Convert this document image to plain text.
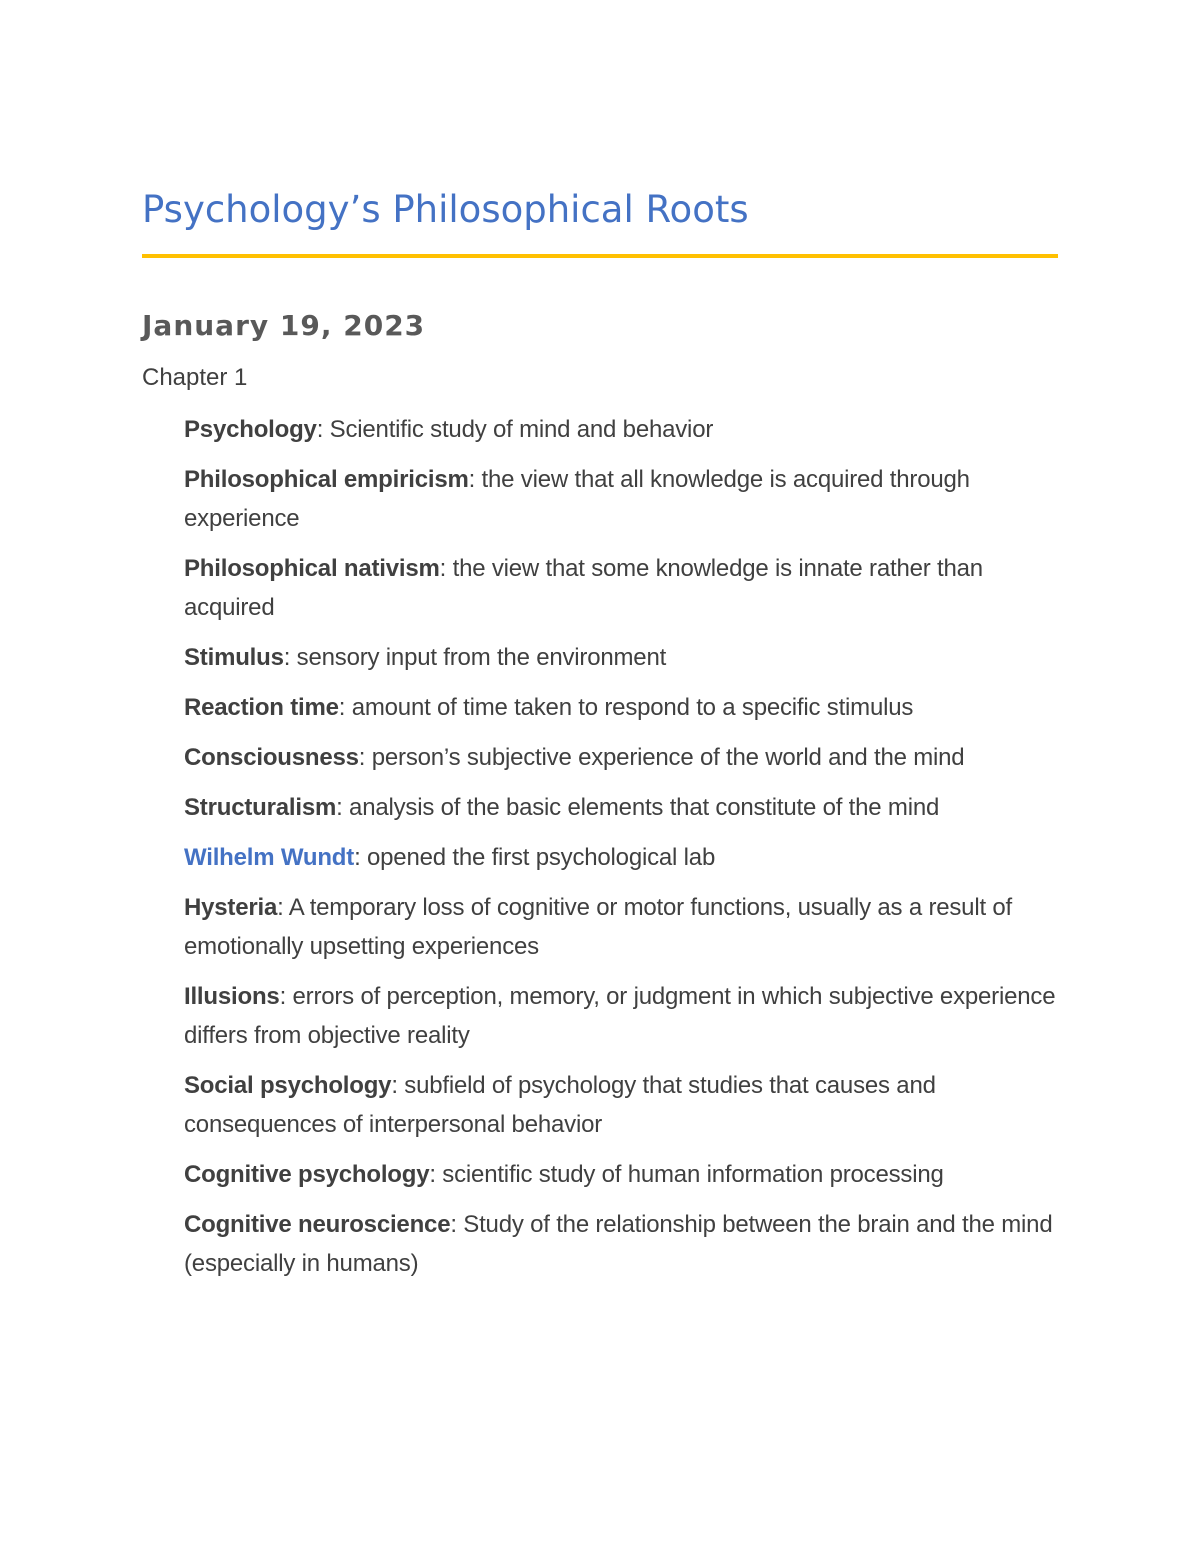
Psychology’s Philosophical Roots
January 19, 2023

Chapter 1

Psychology: Scientific study of mind and behavior
Philosophical empiricism: the view that all knowledge is acquired through experience
Philosophical nativism: the view that some knowledge is innate rather than acquired
Stimulus: sensory input from the environment
Reaction time: amount of time taken to respond to a specific stimulus
Consciousness: person’s subjective experience of the world and the mind
Structuralism: analysis of the basic elements that constitute of the mind
Wilhelm Wundt: opened the first psychological lab
Hysteria: A temporary loss of cognitive or motor functions, usually as a result of emotionally upsetting experiences
Illusions: errors of perception, memory, or judgment in which subjective experience differs from objective reality
Social psychology: subfield of psychology that studies that causes and consequences of interpersonal behavior
Cognitive psychology: scientific study of human information processing
Cognitive neuroscience: Study of the relationship between the brain and the mind (especially in humans)
